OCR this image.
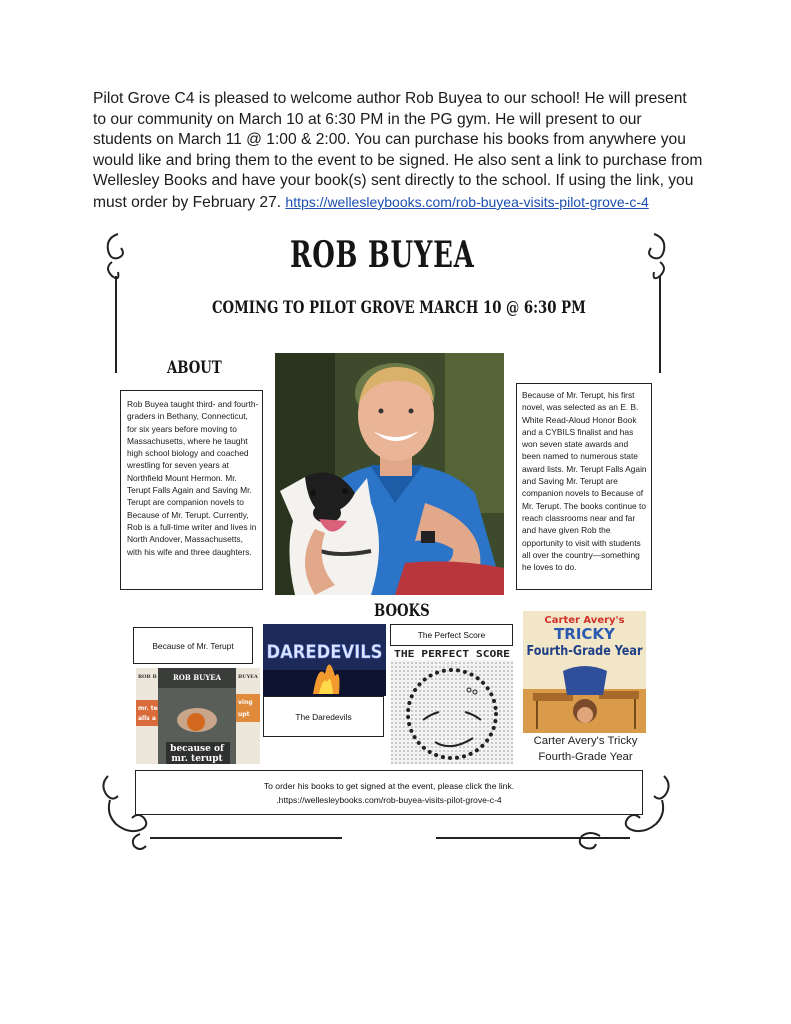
Pilot Grove C4 is pleased to welcome author Rob Buyea to our school! He will present to our community on March 10 at 6:30 PM in the PG gym. He will present to our students on March 11 @ 1:00 & 2:00. You can purchase his books from anywhere you would like and bring them to the event to be signed. He also sent a link to purchase from Wellesley Books and have your book(s) sent directly to the school. If using the link, you must order by February 27. https://wellesleybooks.com/rob-buyea-visits-pilot-grove-c-4
ROB BUYEA
COMING TO PILOT GROVE MARCH 10 @ 6:30 PM
ABOUT
Rob Buyea taught third- and fourth-graders in Bethany, Connecticut, for six years before moving to Massachusetts, where he taught high school biology and coached wrestling for seven years at Northfield Mount Hermon. Mr. Terupt Falls Again and Saving Mr. Terupt are companion novels to Because of Mr. Terupt. Currently, Rob is a full-time writer and lives in North Andover, Massachusetts, with his wife and three daughters.
Because of Mr. Terupt, his first novel, was selected as an E. B. White Read-Aloud Honor Book and a CYBILS finalist and has won seven state awards and been named to numerous state award lists. Mr. Terupt Falls Again and Saving Mr. Terupt are companion novels to Because of Mr. Terupt. The books continue to reach classrooms near and far and have given Rob the opportunity to visit with students all over the country—something he loves to do.
BOOKS
Because of Mr. Terupt
ROB BUYEA
because of
mr. terupt
ROB B
mr. te
alls a
BUYEA
ving
upt
DAREDEVILS
The Daredevils
The Perfect Score
THE PERFECT SCORE
Carter Avery's
TRICKY
Fourth-Grade Year
Carter Avery's Tricky Fourth-Grade Year
To order his books to get signed at the event, please click the link.
.https://wellesleybooks.com/rob-buyea-visits-pilot-grove-c-4
